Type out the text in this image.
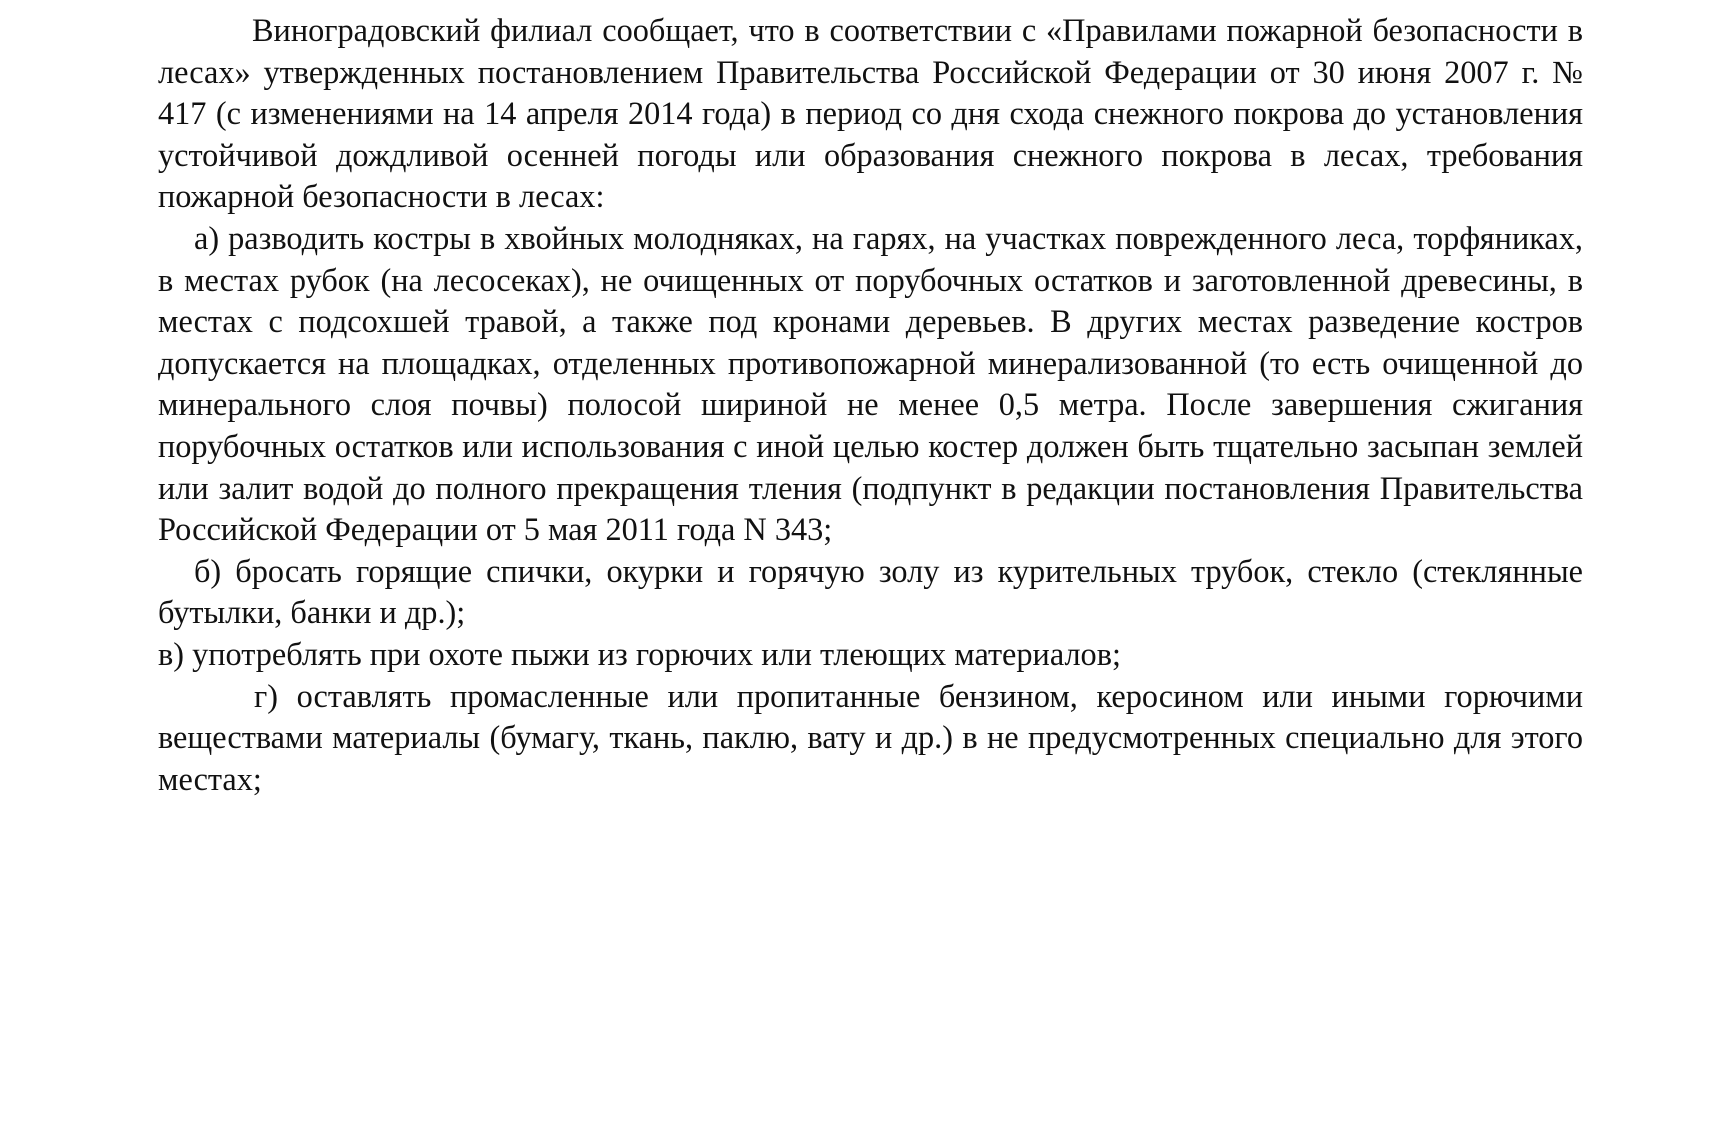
Виноградовский филиал сообщает, что в соответствии с «Правилами пожарной безопасности в лесах» утвержденных постановлением Правительства Российской Федерации от 30 июня 2007 г. № 417 (с изменениями на 14 апреля 2014 года) в период со дня схода снежного покрова до установления устойчивой дождливой осенней погоды или образования снежного покрова в лесах, требования пожарной безопасности в лесах:

а) разводить костры в хвойных молодняках, на гарях, на участках поврежденного леса, торфяниках, в местах рубок (на лесосеках), не очищенных от порубочных остатков и заготовленной древесины, в местах с подсохшей травой, а также под кронами деревьев. В других местах разведение костров допускается на площадках, отделенных противопожарной минерализованной (то есть очищенной до минерального слоя почвы) полосой шириной не менее 0,5 метра. После завершения сжигания порубочных остатков или использования с иной целью костер должен быть тщательно засыпан землей или залит водой до полного прекращения тления (подпункт в редакции постановления Правительства Российской Федерации от 5 мая 2011 года N 343;

б) бросать горящие спички, окурки и горячую золу из курительных трубок, стекло (стеклянные бутылки, банки и др.);

в) употреблять при охоте пыжи из горючих или тлеющих материалов;

г) оставлять промасленные или пропитанные бензином, керосином или иными горючими веществами материалы (бумагу, ткань, паклю, вату и др.) в не предусмотренных специально для этого местах;
